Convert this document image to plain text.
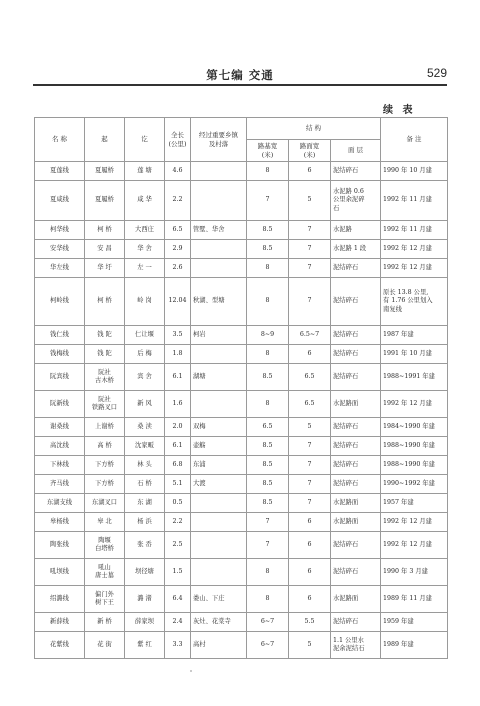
第七编 交通	529
续 表
名 称	起	讫	全长
(公里)	经过重要乡镇
及村落	结 构			备 注
					路基宽
(米)	路面宽
(米)	面 层	
夏莲线	夏履桥	莲 塘	4.6		8	6	泥结碎石	1990 年 10 月建
夏咸线	夏履桥	咸 华	2.2		7	5	水泥路 0.6
公里余泥碎
石	1992 年 11 月建
柯华线	柯 桥	大西庄	6.5	管墅、华舍	8.5	7	水泥路	1992 年 11 月建
安华线	安 昌	华 舍	2.9		8.5	7	水泥路 1 段	1992 年 12 月建
华左线	华 圩	左 一	2.6		8	7	泥结碎石	1992 年 12 月建
柯岭线	柯 桥	岭 岗	12.04	秋湖、型塘	8	7	泥结碎石	原长 13.8 公里,
有 1.76 公里划入
南复线
钱仁线	钱 陀	仁让堰	3.5	柯岩	8~9	6.5~7	泥结碎石	1987 年建
钱梅线	钱 陀	后 梅	1.8		8	6	泥结碎石	1991 年 10 月建
阮宾线	阮社
古木桥	宾 舍	6.1	湖塘	8.5	6.5	泥结碎石	1988~1991 年建
阮新线	阮社
铁路叉口	新 风	1.6		8	6.5	水泥路面	1992 年 12 月建
谢桑线	上谢桥	桑 渎	2.0	双梅	6.5	5	泥结碎石	1984~1990 年建
高沈线	高 桥	沈家畈	6.1	壶觞	8.5	7	泥结碎石	1988~1990 年建
下林线	下方桥	林 头	6.8	东浦	8.5	7	泥结碎石	1988~1990 年建
齐马线	下方桥	石 桥	5.1	大渡	8.5	7	泥结碎石	1990~1992 年建
东湖支线	东湖叉口	东 湖	0.5		8.5	7	水泥路面	1957 年建
皋杨线	皋 北	杨 浜	2.2		7	6	水泥路面	1992 年 12 月建
陶张线	陶堰
白塔桥	张 岙	2.5		7	6	泥结碎石	1992 年 12 月建
吼坝线	吼山
唐士墓	坝径塘	1.5		8	6	泥结碎石	1990 年 3 月建
绍潞线	偏门外
树下王	潞 渚	6.4	娄山、下庄	8	6	水泥路面	1989 年 11 月建
新薛线	新 桥	薛家坝	2.4	灰灶、花棠寺	6~7	5.5	泥结碎石	1959 年建
花紫线	花 街	紫 红	3.3	高村	6~7	5	1.1 公里水
泥余泥结石	1989 年建
